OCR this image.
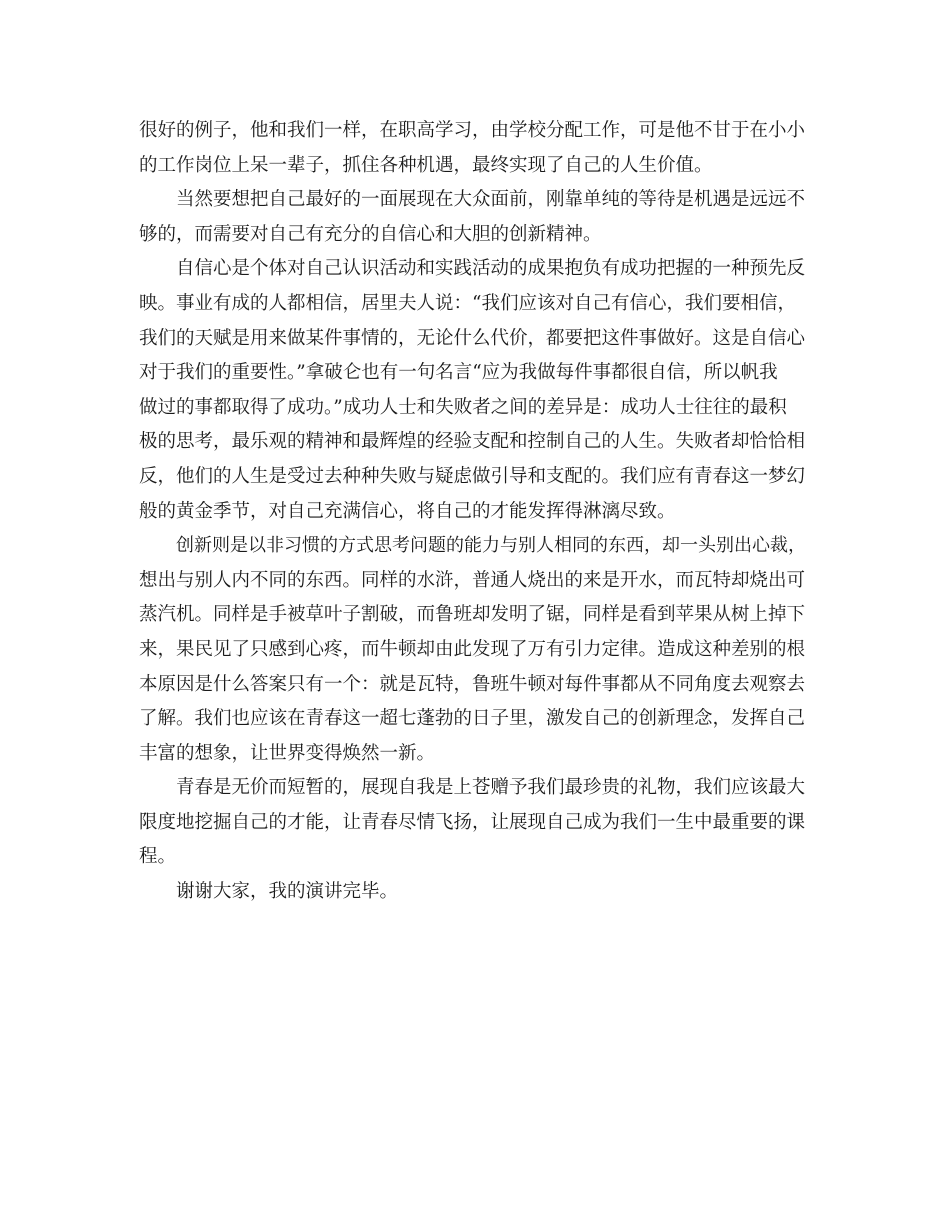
很好的例子，他和我们一样，在职高学习，由学校分配工作，可是他不甘于在小小
的工作岗位上呆一辈子，抓住各种机遇，最终实现了自己的人生价值。
当然要想把自己最好的一面展现在大众面前，刚靠单纯的等待是机遇是远远不
够的，而需要对自己有充分的自信心和大胆的创新精神。
自信心是个体对自己认识活动和实践活动的成果抱负有成功把握的一种预先反
映。事业有成的人都相信，居里夫人说：“我们应该对自己有信心，我们要相信，
我们的天赋是用来做某件事情的，无论什么代价，都要把这件事做好。这是自信心
对于我们的重要性。”拿破仑也有一句名言“应为我做每件事都很自信，所以帆我
做过的事都取得了成功。”成功人士和失败者之间的差异是：成功人士往往的最积
极的思考，最乐观的精神和最辉煌的经验支配和控制自己的人生。失败者却恰恰相
反，他们的人生是受过去种种失败与疑虑做引导和支配的。我们应有青春这一梦幻
般的黄金季节，对自己充满信心，将自己的才能发挥得淋漓尽致。
创新则是以非习惯的方式思考问题的能力与别人相同的东西，却一头别出心裁，
想出与别人内不同的东西。同样的水浒，普通人烧出的来是开水，而瓦特却烧出可
蒸汽机。同样是手被草叶子割破，而鲁班却发明了锯，同样是看到苹果从树上掉下
来，果民见了只感到心疼，而牛顿却由此发现了万有引力定律。造成这种差别的根
本原因是什么答案只有一个：就是瓦特，鲁班牛顿对每件事都从不同角度去观察去
了解。我们也应该在青春这一超七蓬勃的日子里，激发自己的创新理念，发挥自己
丰富的想象，让世界变得焕然一新。
青春是无价而短暂的，展现自我是上苍赠予我们最珍贵的礼物，我们应该最大
限度地挖掘自己的才能，让青春尽情飞扬，让展现自己成为我们一生中最重要的课
程。
谢谢大家，我的演讲完毕。
